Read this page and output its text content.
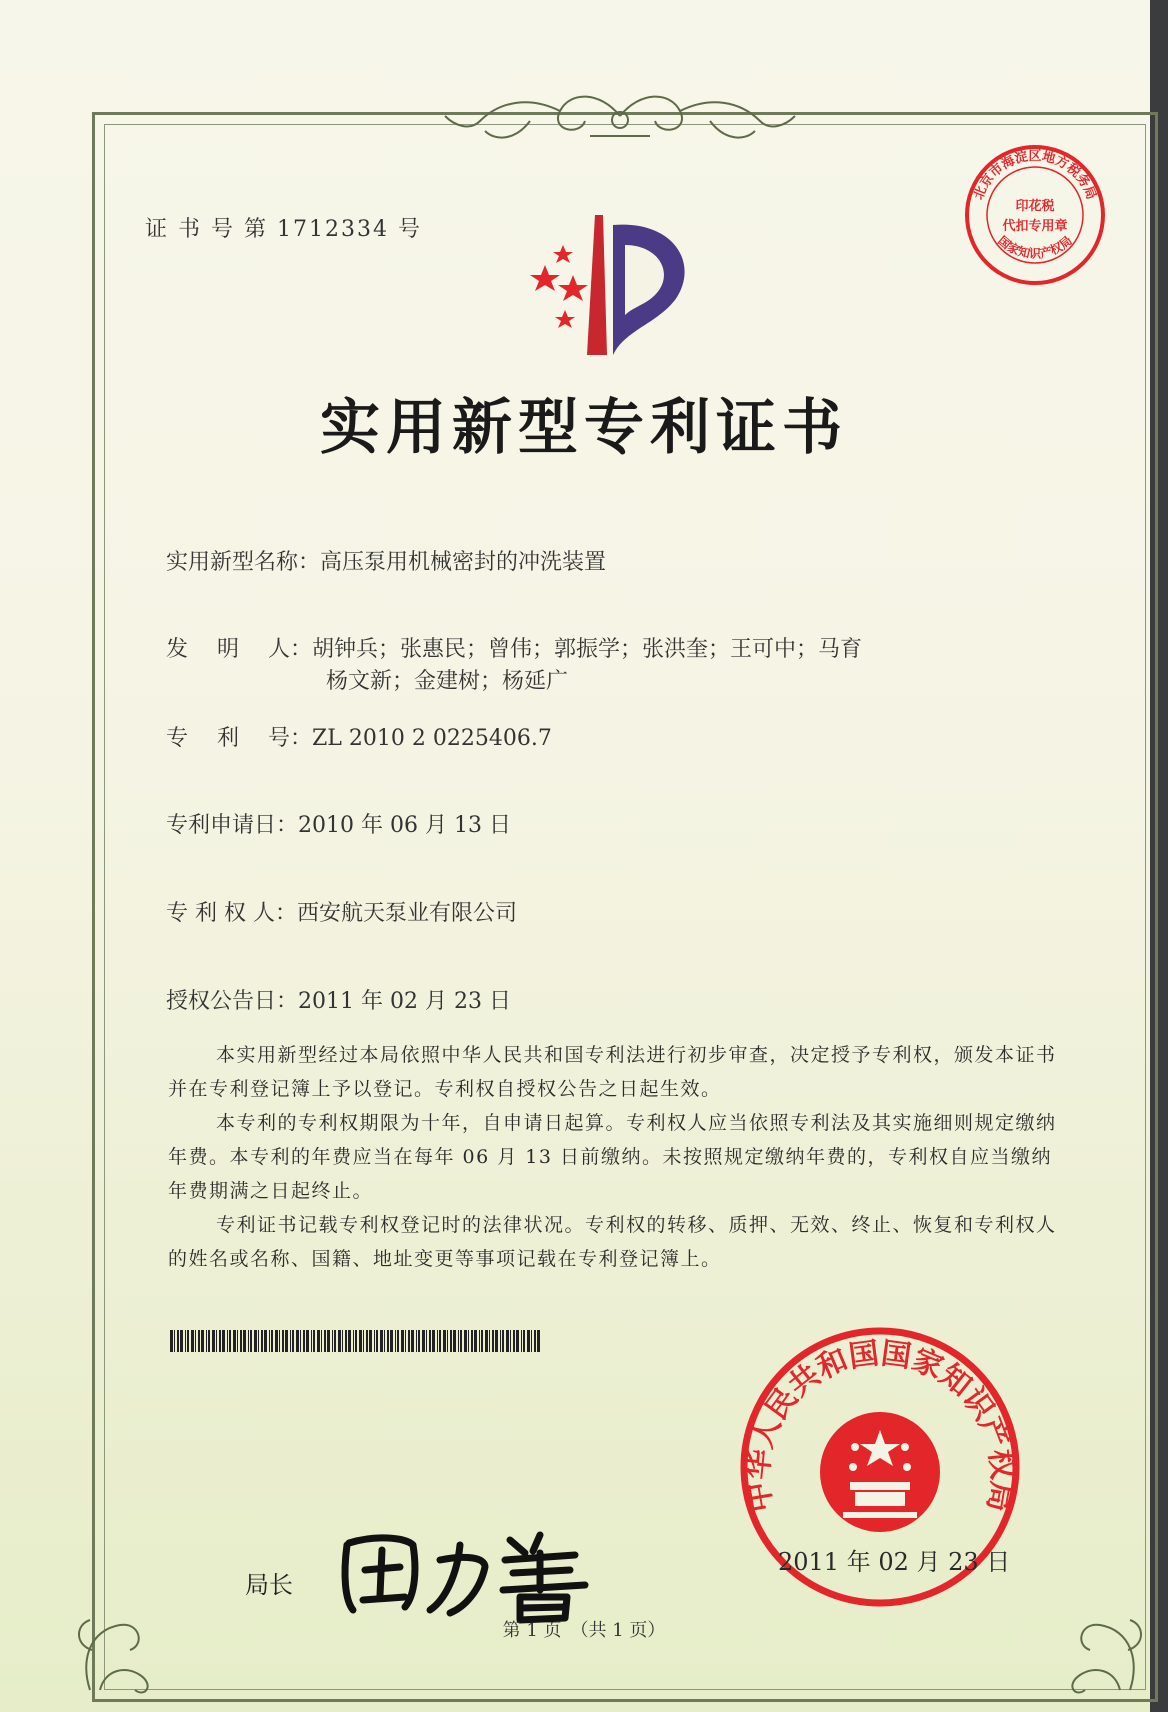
证 书 号 第 1712334 号
北京市海淀区地方税务局
国家知识产权局
印花税
代扣专用章
实用新型专利证书
实用新型名称：高压泵用机械密封的冲洗装置
发　 明　 人：胡钟兵；张惠民；曾伟；郭振学；张洪奎；王可中；马育
杨文新；金建树；杨延广
专　 利　 号：ZL 2010 2 0225406.7
专利申请日：2010 年 06 月 13 日
专 利 权 人：西安航天泵业有限公司
授权公告日：2011 年 02 月 23 日

本实用新型经过本局依照中华人民共和国专利法进行初步审查，决定授予专利权，颁发本证书并在专利登记簿上予以登记。专利权自授权公告之日起生效。

本专利的专利权期限为十年，自申请日起算。专利权人应当依照专利法及其实施细则规定缴纳年费。本专利的年费应当在每年 06 月 13 日前缴纳。未按照规定缴纳年费的，专利权自应当缴纳年费期满之日起终止。

专利证书记载专利权登记时的法律状况。专利权的转移、质押、无效、终止、恢复和专利权人的姓名或名称、国籍、地址变更等事项记载在专利登记簿上。

中华人民共和国国家知识产权局
局长
2011 年 02 月 23 日
第 1 页　（共 1 页）
